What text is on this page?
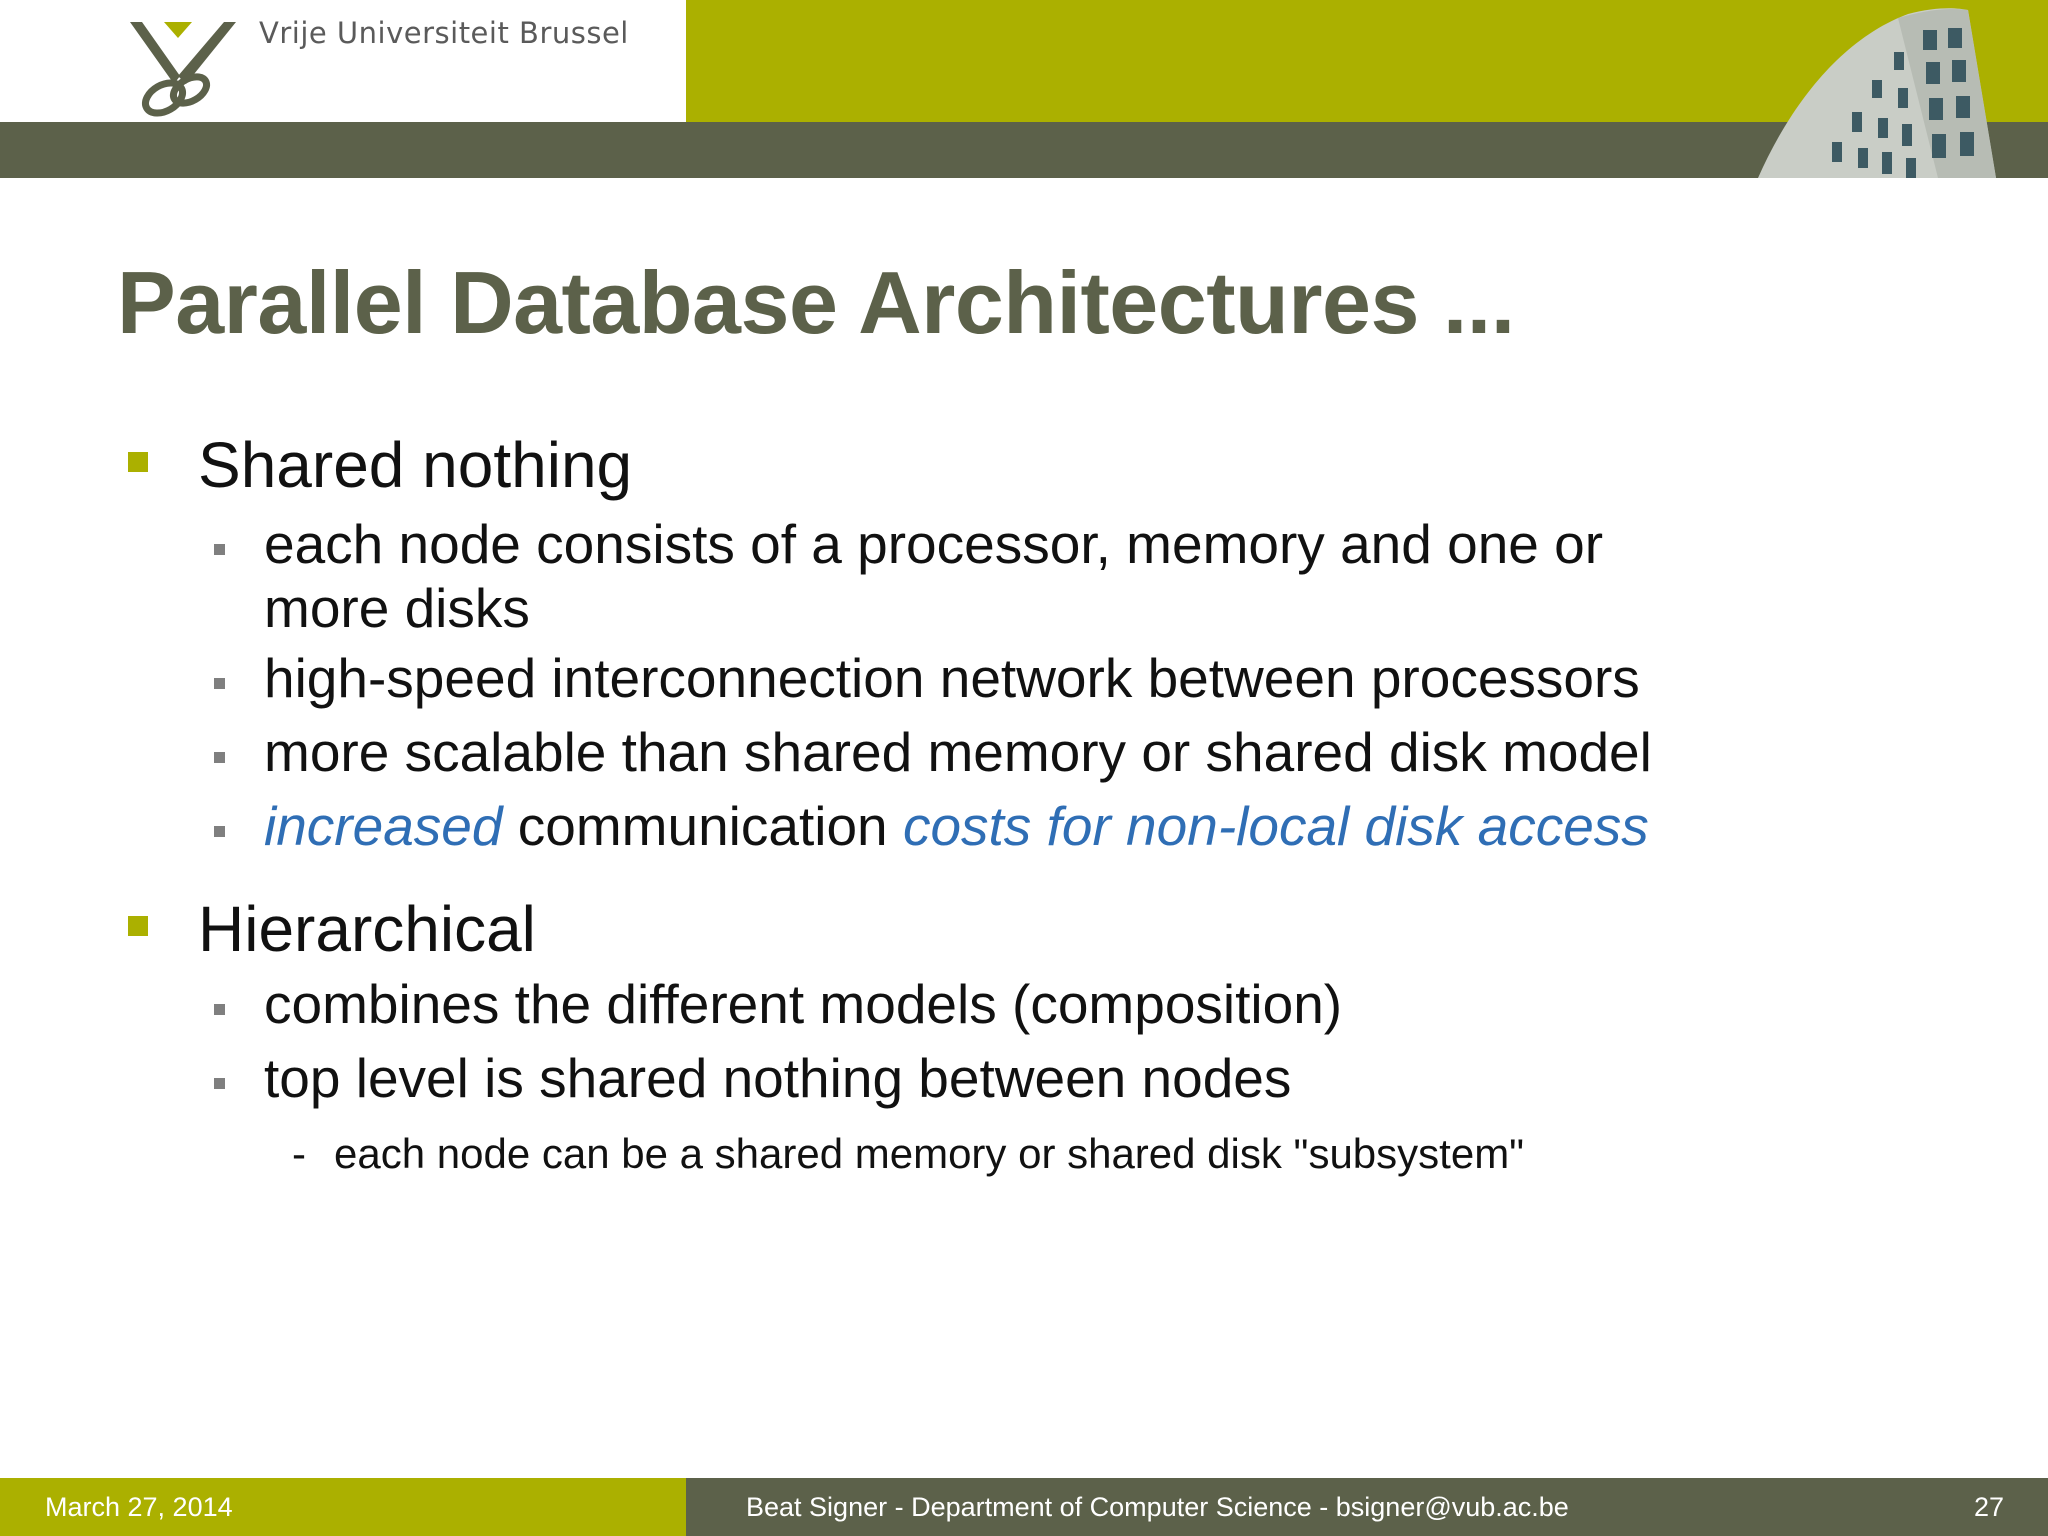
Vrije Universiteit Brussel
Parallel Database Architectures ...
Shared nothing
each node consists of a processor, memory and one or
more disks
high-speed interconnection network between processors
more scalable than shared memory or shared disk model
increased communication costs for non-local disk access
Hierarchical
combines the different models (composition)
top level is shared nothing between nodes
- each node can be a shared memory or shared disk "subsystem"
March 27, 2014	Beat Signer - Department of Computer Science - bsigner@vub.ac.be	27
